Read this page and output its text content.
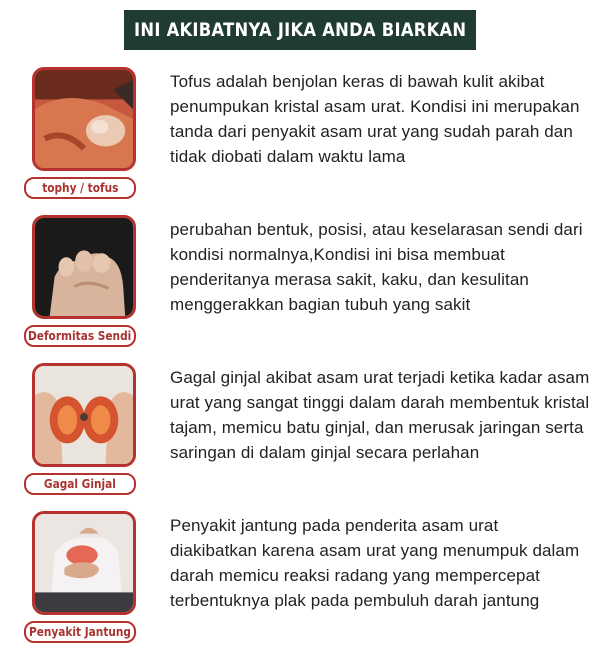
INI AKIBATNYA JIKA ANDA BIARKAN
tophy / tofus

Tofus adalah benjolan keras di bawah kulit akibat penumpukan kristal asam urat. Kondisi ini merupakan tanda dari penyakit asam urat yang sudah parah dan tidak diobati dalam waktu lama

Deformitas Sendi

perubahan bentuk, posisi, atau keselarasan sendi dari kondisi normalnya,Kondisi ini bisa membuat penderitanya merasa sakit, kaku, dan kesulitan menggerakkan bagian tubuh yang sakit

Gagal Ginjal

Gagal ginjal akibat asam urat terjadi ketika kadar asam urat yang sangat tinggi dalam darah membentuk kristal tajam, memicu batu ginjal, dan merusak jaringan serta saringan di dalam ginjal secara perlahan

Penyakit Jantung

Penyakit jantung pada penderita asam urat diakibatkan karena asam urat yang menumpuk dalam darah memicu reaksi radang yang mempercepat terbentuknya plak pada pembuluh darah jantung
